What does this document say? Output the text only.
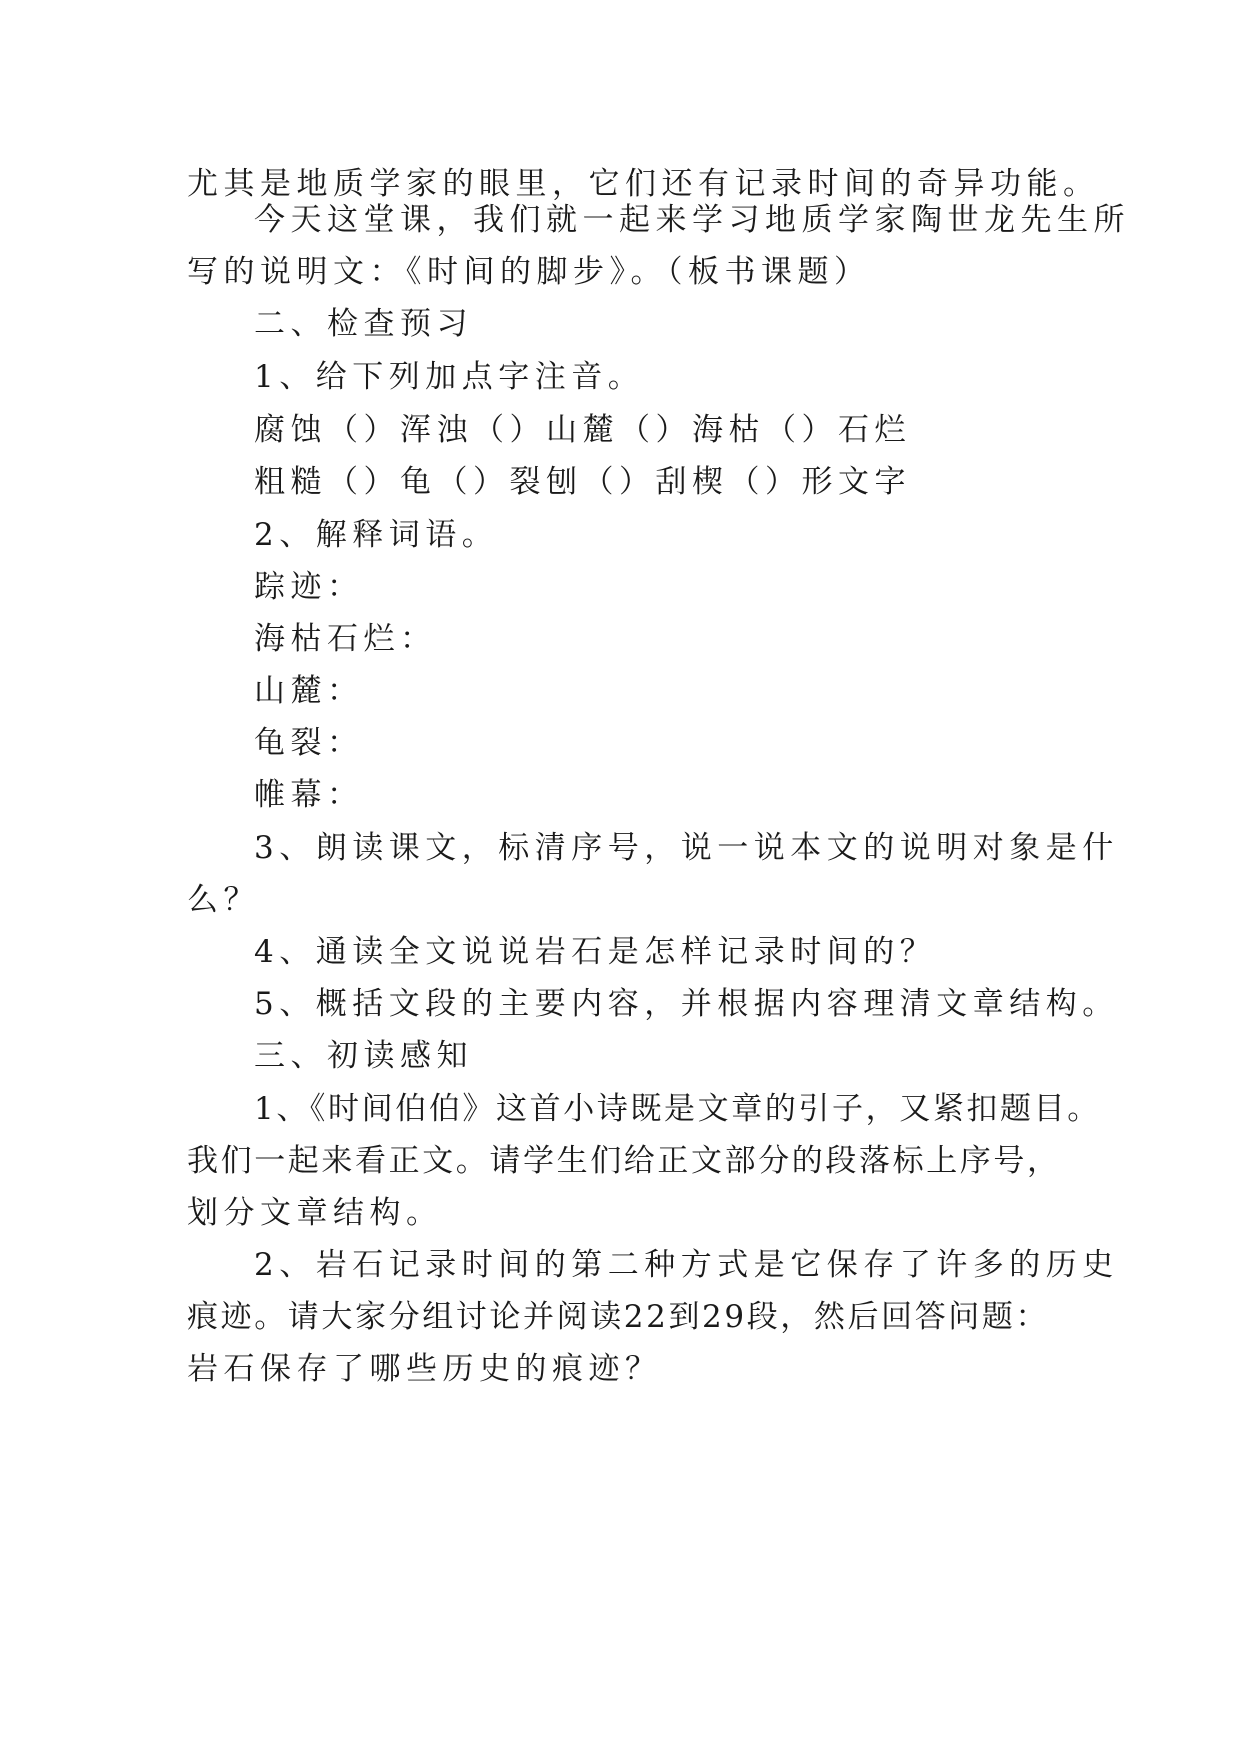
尤其是地质学家的眼里，它们还有记录时间的奇异功能。
今天这堂课，我们就一起来学习地质学家陶世龙先生所
写的说明文：《时间的脚步》。（板书课题）
二、检查预习
1、给下列加点字注音。
腐蚀（）浑浊（）山麓（）海枯（）石烂
粗糙（）龟（）裂刨（）刮楔（）形文字
2、解释词语。
踪迹：
海枯石烂：
山麓：
龟裂：
帷幕：
3、朗读课文，标清序号，说一说本文的说明对象是什
么？
4、通读全文说说岩石是怎样记录时间的？
5、概括文段的主要内容，并根据内容理清文章结构。
三、初读感知
1、《时间伯伯》这首小诗既是文章的引子，又紧扣题目。
我们一起来看正文。请学生们给正文部分的段落标上序号，
划分文章结构。
2、岩石记录时间的第二种方式是它保存了许多的历史
痕迹。请大家分组讨论并阅读22到29段，然后回答问题：
岩石保存了哪些历史的痕迹？
